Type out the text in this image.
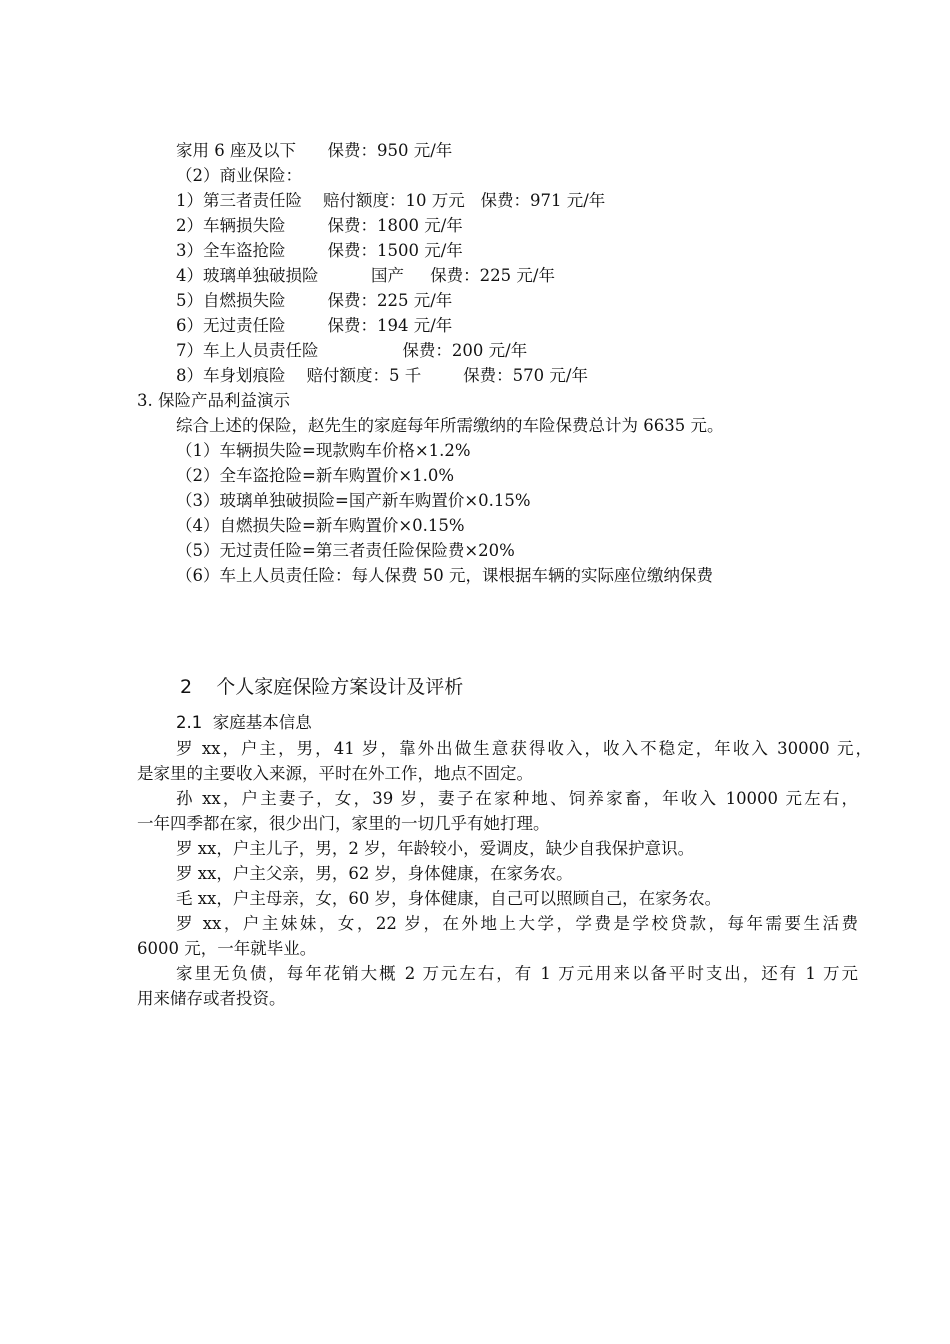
家用 6 座及以下      保费：950 元/年
（2）商业保险：
1）第三者责任险    赔付额度：10 万元   保费：971 元/年
2）车辆损失险        保费：1800 元/年
3）全车盗抢险        保费：1500 元/年
4）玻璃单独破损险          国产     保费：225 元/年
5）自燃损失险        保费：225 元/年
6）无过责任险        保费：194 元/年
7）车上人员责任险                保费：200 元/年
8）车身划痕险    赔付额度：5 千        保费：570 元/年
3. 保险产品利益演示
综合上述的保险，赵先生的家庭每年所需缴纳的车险保费总计为 6635 元。
（1）车辆损失险=现款购车价格×1.2%
（2）全车盗抢险=新车购置价×1.0%
（3）玻璃单独破损险=国产新车购置价×0.15%
（4）自燃损失险=新车购置价×0.15%
（5）无过责任险=第三者责任险保险费×20%
（6）车上人员责任险：每人保费 50 元，课根据车辆的实际座位缴纳保费
2    个人家庭保险方案设计及评析
2.1  家庭基本信息
罗 xx，户主，男，41 岁，靠外出做生意获得收入，收入不稳定，年收入 30000 元，
是家里的主要收入来源，平时在外工作，地点不固定。
孙 xx，户主妻子，女，39 岁，妻子在家种地、饲养家畜，年收入 10000 元左右，
一年四季都在家，很少出门，家里的一切几乎有她打理。
罗 xx，户主儿子，男，2 岁，年龄较小，爱调皮，缺少自我保护意识。
罗 xx，户主父亲，男，62 岁，身体健康，在家务农。
毛 xx，户主母亲，女，60 岁，身体健康，自己可以照顾自己，在家务农。
罗 xx，户主妹妹，女，22 岁，在外地上大学，学费是学校贷款，每年需要生活费
6000 元，一年就毕业。
家里无负债，每年花销大概 2 万元左右，有 1 万元用来以备平时支出，还有 1 万元
用来储存或者投资。
